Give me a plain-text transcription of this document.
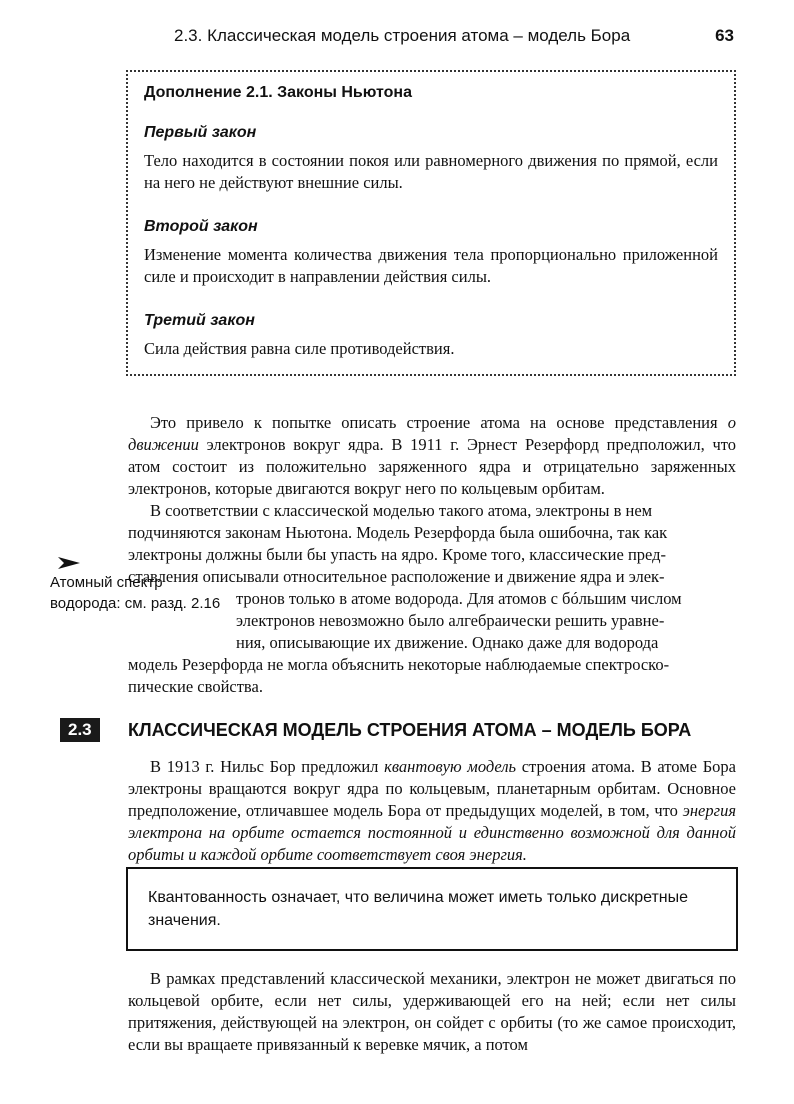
2.3. Классическая модель строения атома – модель Бора	63
Дополнение 2.1. Законы Ньютона
Первый закон
Тело находится в состоянии покоя или равномерного движения по прямой, если на него не действуют внешние силы.
Второй закон
Изменение момента количества движения тела пропорционально приложенной силе и происходит в направлении действия силы.
Третий закон
Сила действия равна силе противодействия.
Это привело к попытке описать строение атома на основе представления о движении электронов вокруг ядра. В 1911 г. Эрнест Резерфорд предположил, что атом состоит из положительно заряженного ядра и отрицательно заряженных электронов, которые двигаются вокруг него по кольцевым орбитам.
В соответствии с классической моделью такого атома, электроны в нем
подчиняются законам Ньютона. Модель Резерфорда была ошибочна, так как
электроны должны были бы упасть на ядро. Кроме того, классические пред-
ставления описывали относительное расположение и движение ядра и элек-
тронов только в атоме водорода. Для атомов с бóльшим числом
электронов невозможно было алгебраически решить уравне-
ния, описывающие их движение. Однако даже для водорода
модель Резерфорда не могла объяснить некоторые наблюдаемые спектроско-
пические свойства.
Атомный спектр водорода: см. разд. 2.16
2.3	КЛАССИЧЕСКАЯ МОДЕЛЬ СТРОЕНИЯ АТОМА – МОДЕЛЬ БОРА
В 1913 г. Нильс Бор предложил квантовую модель строения атома. В атоме Бора электроны вращаются вокруг ядра по кольцевым, планетарным орбитам. Основное предположение, отличавшее модель Бора от предыдущих моделей, в том, что энергия электрона на орбите остается постоянной и единственно возможной для данной орбиты и каждой орбите соответствует своя энергия.
Квантованность означает, что величина может иметь только дискретные значения.
В рамках представлений классической механики, электрон не может двигаться по кольцевой орбите, если нет силы, удерживающей его на ней; если нет силы притяжения, действующей на электрон, он сойдет с орбиты (то же самое происходит, если вы вращаете привязанный к веревке мячик, а потом
